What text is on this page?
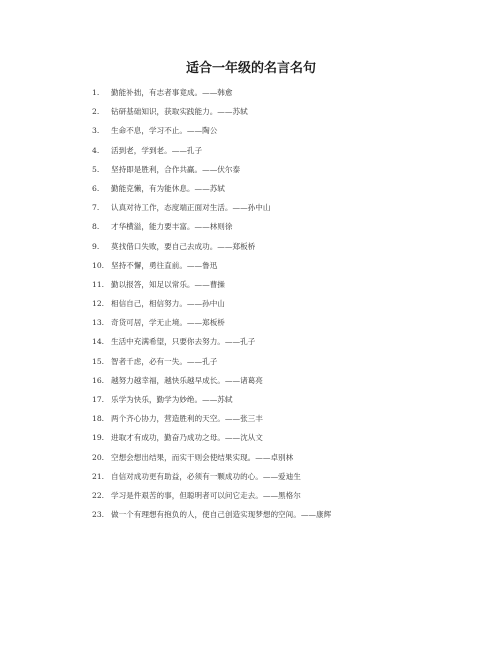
适合一年级的名言名句
1. 勤能补拙，有志者事竟成。——韩愈
2. 钻研基础知识，获取实践能力。——苏轼
3. 生命不息，学习不止。——陶公
4. 活到老，学到老。——孔子
5. 坚持即是胜利，合作共赢。——伏尔泰
6. 勤能克懒，有为能休息。——苏轼
7. 认真对待工作，态度端正面对生活。——孙中山
8. 才华横溢，能力要丰富。——林则徐
9. 莫找借口失败，要自己去成功。——郑板桥
10. 坚持不懈，勇往直前。——鲁迅
11. 勤以报答，知足以常乐。——曹操
12. 相信自己，相信努力。——孙中山
13. 奇货可居，学无止境。——郑板桥
14. 生活中充满希望，只要你去努力。——孔子
15. 智者千虑，必有一失。——孔子
16. 越努力越幸福，越快乐越早成长。——诸葛亮
17. 乐学为快乐，勤学为妙绝。——苏轼
18. 两个齐心协力，营造胜利的天空。——张三丰
19. 进取才有成功，勤奋乃成功之母。——沈从文
20. 空想会想出结果，而实干则会使结果实现。——卓别林
21. 自信对成功更有助益，必须有一颗成功的心。——爱迪生
22. 学习是件艰苦的事，但聪明者可以问它走去。——黑格尔
23. 做一个有理想有抱负的人，使自己创造实现梦想的空间。——康辉
